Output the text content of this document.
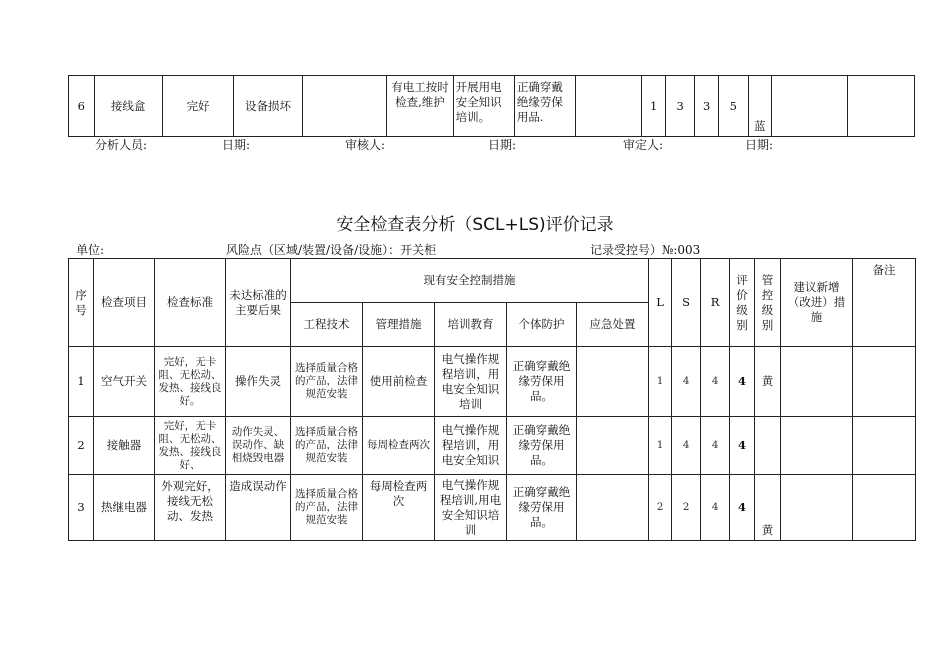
6	接线盒	完好	设备损坏		有电工按时检查,维护	开展用电安全知识培训。	正确穿戴绝缘劳保用品.		1	3	3	5	蓝		
分析人员:	日期:	审核人:	日期:	审定人:	日期:
安全检查表分析（SCL+LS)评价记录
单位:	风险点（区域/装置/设备/设施）：开关柜	记录受控号）№:003
序号	检查项目	检查标准	未达标准的主要后果	现有安全控制措施					L	S	R	评价级别	管控级别	建议新增（改进）措施	备注
				工程技术	管理措施	培训教育	个体防护	应急处置							
1	空气开关	完好，无卡阻、无松动、发热、接线良好。	操作失灵	选择质量合格的产品，法律规范安装	使用前检查	电气操作规程培训，用电安全知识培训	正确穿戴绝缘劳保用品。		1	4	4	4	黄		
2	接触器	完好，无卡阻、无松动、发热、接线良好、	动作失灵、误动作、缺相烧毁电器	选择质量合格的产品，法律规范安装	每周检查两次	电气操作规程培训，用电安全知识	正确穿戴绝缘劳保用品。		1	4	4	4			
3	热继电器	外观完好，接线无松动、发热	造成误动作	选择质量合格的产品，法律规范安装	每周检查两次	电气操作规程培训,用电安全知识培训	正确穿戴绝缘劳保用品。		2	2	4	4	黄		
